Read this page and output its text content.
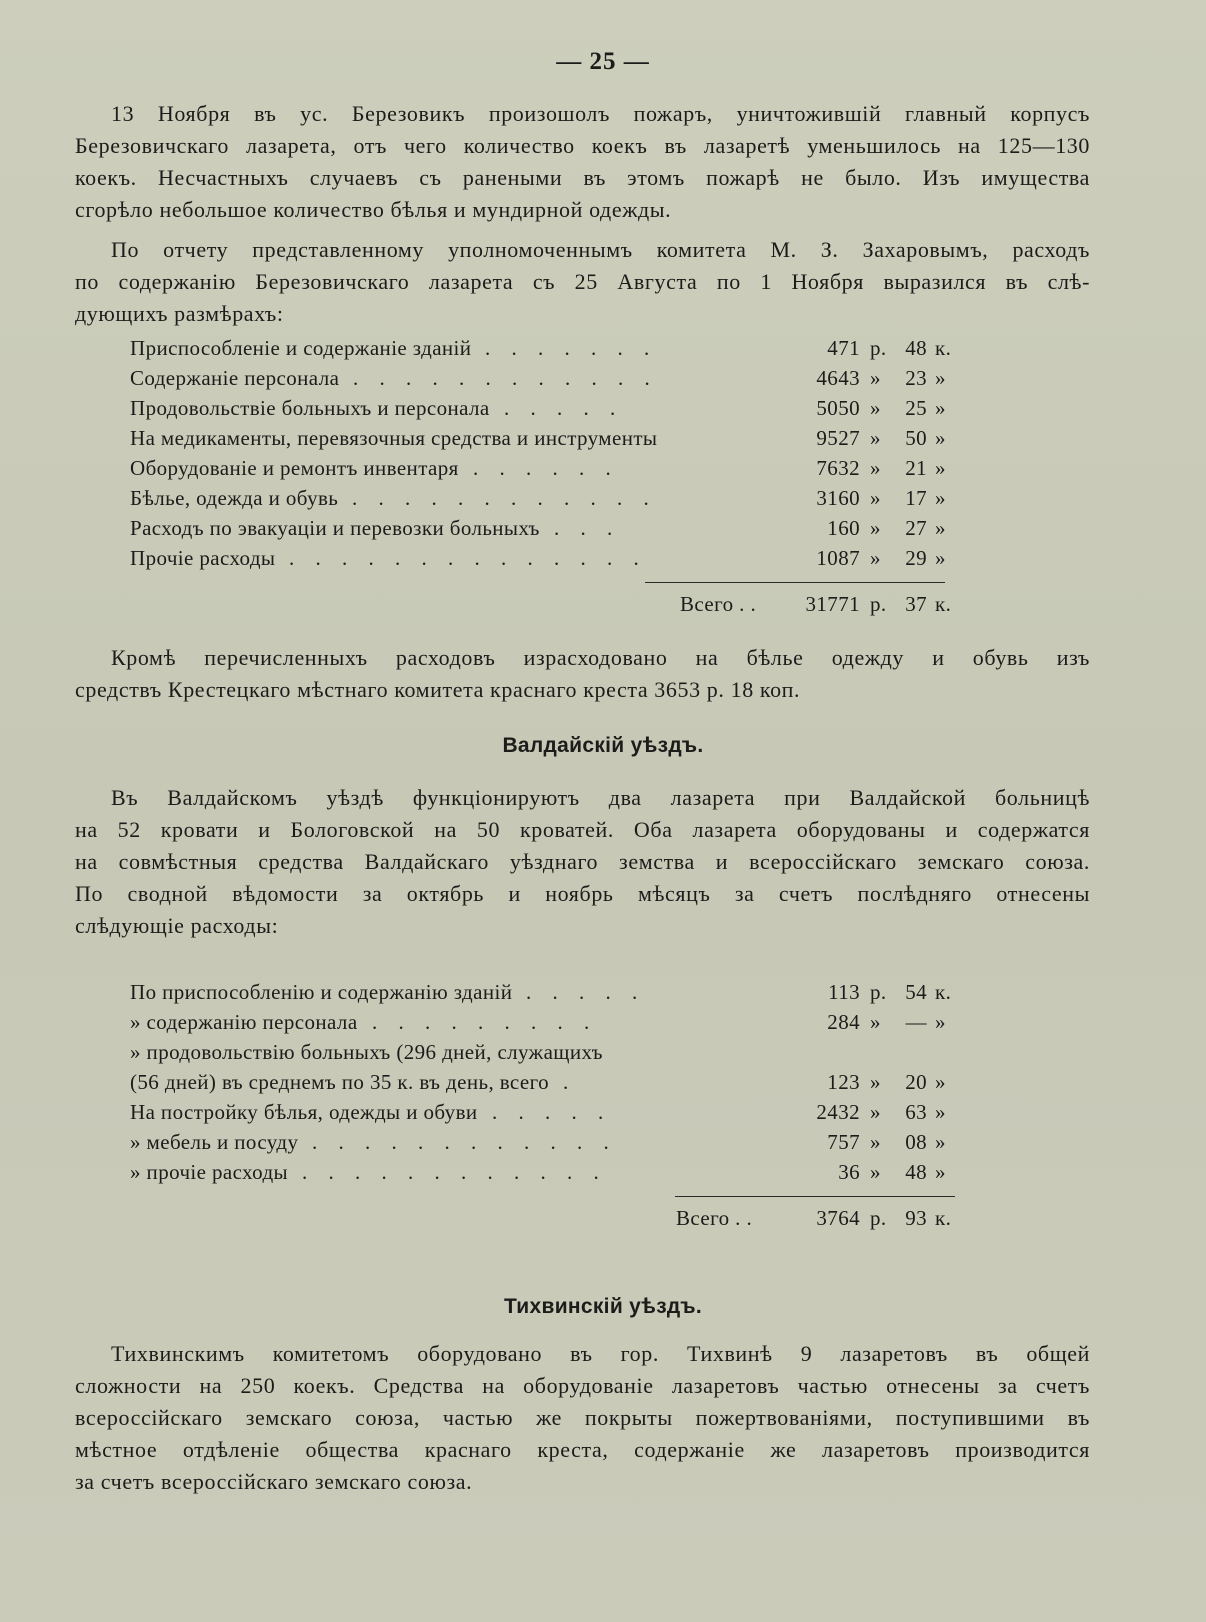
— 25 —
13 Ноября въ ус. Березовикъ произошолъ пожаръ, уничтожившій главный корпусъ
Березовичскаго лазарета, отъ чего количество коекъ въ лазаретѣ уменьшилось на 125—130
коекъ. Несчастныхъ случаевъ съ ранеными въ этомъ пожарѣ не было. Изъ имущества
сгорѣло небольшое количество бѣлья и мундирной одежды.
По отчету представленному уполномоченнымъ комитета М. З. Захаровымъ, расходъ
по содержанію Березовичскаго лазарета съ 25 Августа по 1 Ноября выразился въ слѣ-
дующихъ размѣрахъ:
Приспособленіе и содержаніе зданій . . . . . . .	471 р. 48 к.
Содержаніе персонала . . . . . . . . . . . .	4643 »	23 »
Продовольствіе больныхъ и персонала . . . . .	5050 »	25 »
На медикаменты, перевязочныя средства и инструменты	9527 »	50 »
Оборудованіе и ремонтъ инвентаря . . . . . .	7632 »	21 »
Бѣлье, одежда и обувь . . . . . . . . . . . .	3160 »	17 »
Расходъ по эвакуаціи и перевозки больныхъ . . .	160 »	27 »
Прочіе расходы . . . . . . . . . . . . . .	1087 »	29 »
Всего . .	31771 р. 37 к.
Кромѣ перечисленныхъ расходовъ израсходовано на бѣлье одежду и обувь изъ
средствъ Крестецкаго мѣстнаго комитета краснаго креста 3653 р. 18 коп.
Валдайскій уѣздъ.
Въ Валдайскомъ уѣздѣ функціонируютъ два лазарета при Валдайской больницѣ
на 52 кровати и Бологовской на 50 кроватей. Оба лазарета оборудованы и содержатся
на совмѣстныя средства Валдайскаго уѣзднаго земства и всероссійскаго земскаго союза.
По сводной вѣдомости за октябрь и ноябрь мѣсяцъ за счетъ послѣдняго отнесены
слѣдующіе расходы:
По приспособленію и содержанію зданій . . . . .	113 р. 54 к.
» содержанію персонала . . . . . . . . .	284 »	— »
» продовольствію больныхъ (296 дней, служащихъ
(56 дней) въ среднемъ по 35 к. въ день, всего .	123 »	20 »
На постройку бѣлья, одежды и обуви . . . . .	2432 »	63 »
» мебель и посуду . . . . . . . . . . . .	757 »	08 »
» прочіе расходы . . . . . . . . . . . .	36 »	48 »
Всего . .	3764 р. 93 к.
Тихвинскій уѣздъ.
Тихвинскимъ комитетомъ оборудовано въ гор. Тихвинѣ 9 лазаретовъ въ общей
сложности на 250 коекъ. Средства на оборудованіе лазаретовъ частью отнесены за счетъ
всероссійскаго земскаго союза, частью же покрыты пожертвованіями, поступившими въ
мѣстное отдѣленіе общества краснаго креста, содержаніе же лазаретовъ производится
за счетъ всероссійскаго земскаго союза.
